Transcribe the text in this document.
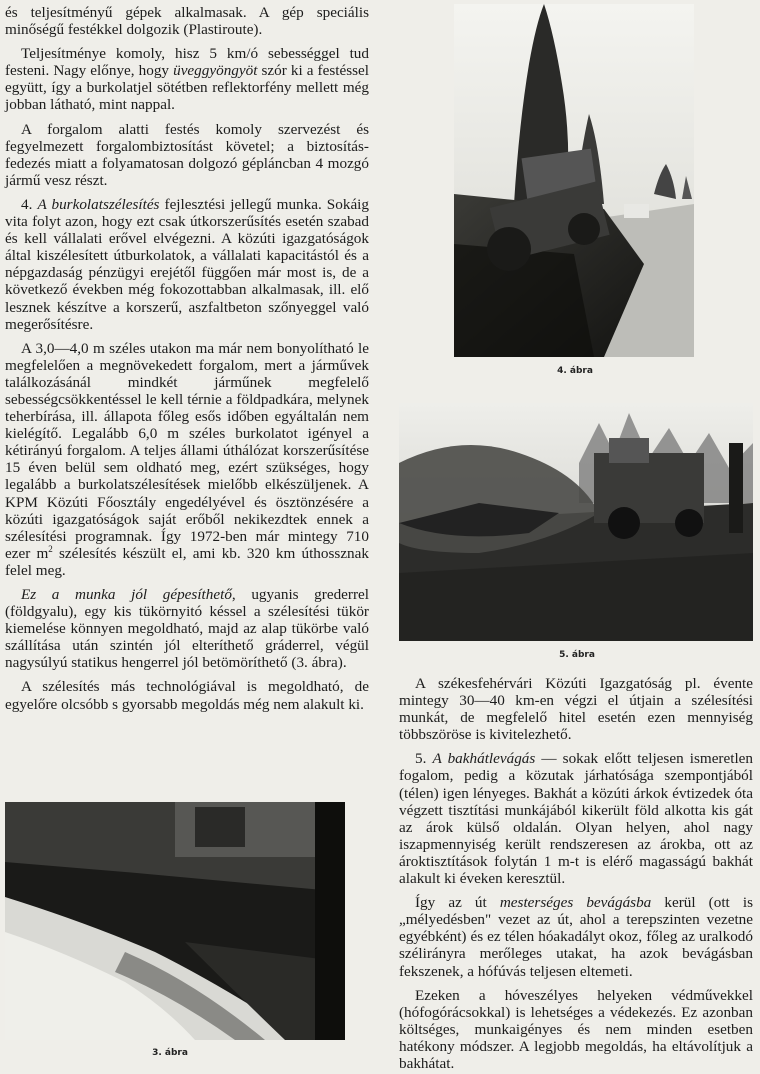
és teljesítményű gépek alkalmasak. A gép speciális minőségű festékkel dolgozik (Plastiroute).

Teljesítménye komoly, hisz 5 km/ó sebességgel tud festeni. Nagy előnye, hogy üveggyöngyöt szór ki a festéssel együtt, így a burkolatjel sötétben reflektorfény mellett még jobban látható, mint nappal.

A forgalom alatti festés komoly szervezést és fegyelmezett forgalombiztosítást követel; a biztosítás-fedezés miatt a folyamatosan dolgozó gépláncban 4 mozgó jármű vesz részt.

4. A burkolatszélesítés fejlesztési jellegű munka. Sokáig vita folyt azon, hogy ezt csak útkorszerűsítés esetén szabad és kell vállalati erővel elvégezni. A közúti igazgatóságok által kiszélesített útburkolatok, a vállalati kapacitástól és a népgazdaság pénzügyi erejétől függően már most is, de a következő években még fokozottabban alkalmasak, ill. elő lesznek készítve a korszerű, aszfaltbeton szőnyeggel való megerősítésre.

A 3,0—4,0 m széles utakon ma már nem bonyolítható le megfelelően a megnövekedett forgalom, mert a járművek találkozásánál mindkét járműnek megfelelő sebességcsökkentéssel le kell térnie a földpadkára, melynek teherbírása, ill. állapota főleg esős időben egyáltalán nem kielégítő. Legalább 6,0 m széles burkolatot igényel a kétirányú forgalom. A teljes állami úthálózat korszerűsítése 15 éven belül sem oldható meg, ezért szükséges, hogy legalább a burkolatszélesítések mielőbb elkészüljenek. A KPM Közúti Főosztály engedélyével és ösztönzésére a közúti igazgatóságok saját erőből nekikezdtek ennek a szélesítési programnak. Így 1972-ben már mintegy 710 ezer $m^2$ szélesítés készült el, ami kb. 320 km úthossznak felel meg.

Ez a munka jól gépesíthető, ugyanis grederrel (földgyalu), egy kis tükörnyitó késsel a szélesítési tükör kiemelése könnyen megoldható, majd az alap tükörbe való szállítása után szintén jól elteríthető gráderrel, végül nagysúlyú statikus hengerrel jól betömöríthető (3. ábra).

A szélesítés más technológiával is megoldható, de egyelőre olcsóbb s gyorsabb megoldás még nem alakult ki.

4. ábra
5. ábra
3. ábra

A székesfehérvári Közúti Igazgatóság pl. évente mintegy 30—40 km-en végzi el útjain a szélesítési munkát, de megfelelő hitel esetén ezen mennyiség többszöröse is kivitelezhető.

5. A bakhátlevágás — sokak előtt teljesen ismeretlen fogalom, pedig a közutak járhatósága szempontjából (télen) igen lényeges. Bakhát a közúti árkok évtizedek óta végzett tisztítási munkájából kikerült föld alkotta kis gát az árok külső oldalán. Olyan helyen, ahol nagy iszapmennyiség került rendszeresen az árokba, ott az ároktisztítások folytán 1 m-t is elérő magasságú bakhát alakult ki éveken keresztül.

Így az út mesterséges bevágásba kerül (ott is „mélyedésben" vezet az út, ahol a terepszinten vezetne egyébként) és ez télen hóakadályt okoz, főleg az uralkodó szélirányra merőleges utakat, ha azok bevágásban fekszenek, a hófúvás teljesen eltemeti.

Ezeken a hóveszélyes helyeken védművekkel (hófogórácsokkal) is lehetséges a védekezés. Ez azonban költséges, munkaigényes és nem minden esetben hatékony módszer. A legjobb megoldás, ha eltávolítjuk a bakhátat.
